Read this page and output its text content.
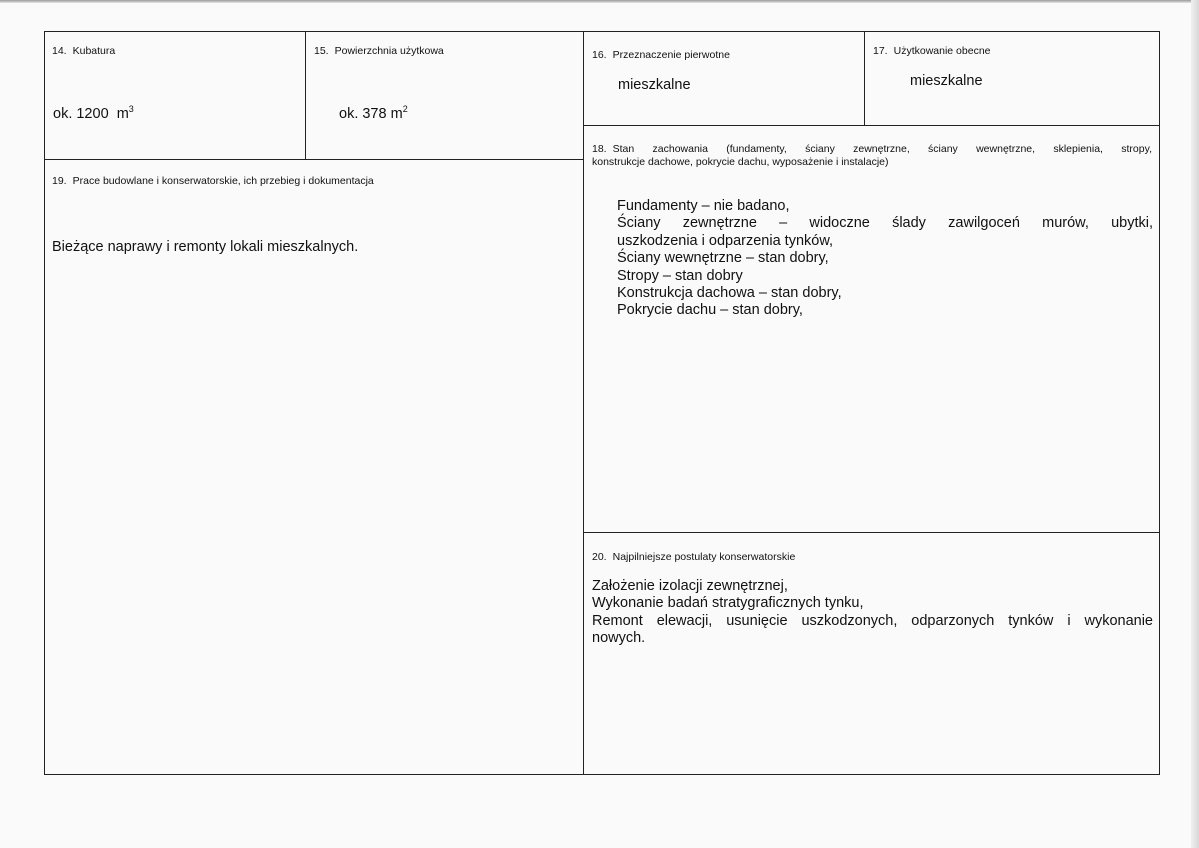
14. Kubatura
ok. 1200 $m^3$
15. Powierzchnia użytkowa
ok. 378 $m^2$
19. Prace budowlane i konserwatorskie, ich przebieg i dokumentacja
Bieżące naprawy i remonty lokali mieszkalnych.
16. Przeznaczenie pierwotne
mieszkalne
17. Użytkowanie obecne
mieszkalne
18. Stan zachowania (fundamenty, ściany zewnętrzne, ściany wewnętrzne, sklepienia, stropy,
konstrukcje dachowe, pokrycie dachu, wyposażenie i instalacje)
Fundamenty – nie badano,
Ściany zewnętrzne – widoczne ślady zawilgoceń murów, ubytki,
uszkodzenia i odparzenia tynków,
Ściany wewnętrzne – stan dobry,
Stropy – stan dobry
Konstrukcja dachowa – stan dobry,
Pokrycie dachu – stan dobry,
20. Najpilniejsze postulaty konserwatorskie
Założenie izolacji zewnętrznej,
Wykonanie badań stratygraficznych tynku,
Remont elewacji, usunięcie uszkodzonych, odparzonych tynków i wykonanie
nowych.
